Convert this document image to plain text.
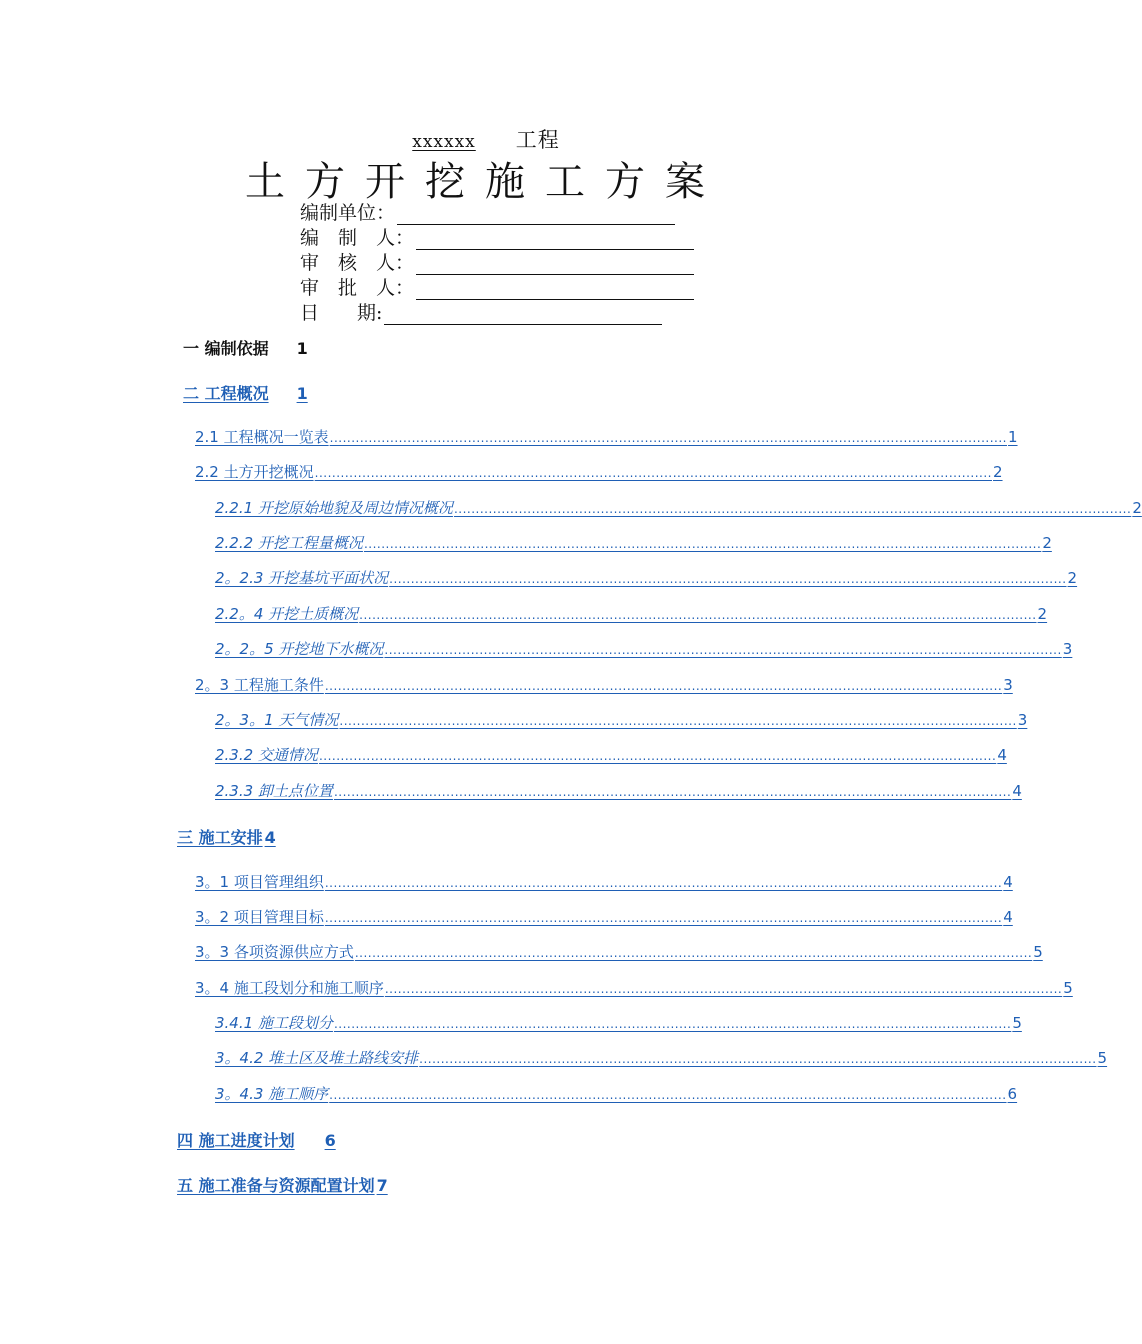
xxxxxx 工程
土方开挖施工方案
编制单位：
编　制　人：
审　核　人：
审　批　人：
日　　期:
一 编制依据 1
二 工程概况 1
2.1 工程概况一览表 ............................................................................................................................................................. 1
2.2 土方开挖概况 ............................................................................................................................................................. 2
2.2.1 开挖原始地貌及周边情况概况 ............................................................................................................................................................. 2
2.2.2 开挖工程量概况 ............................................................................................................................................................. 2
2。2.3 开挖基坑平面状况 ............................................................................................................................................................. 2
2.2。4 开挖土质概况 ............................................................................................................................................................. 2
2。2。5 开挖地下水概况 ............................................................................................................................................................. 3
2。3 工程施工条件 ............................................................................................................................................................. 3
2。3。1 天气情况 ............................................................................................................................................................. 3
2.3.2 交通情况 ............................................................................................................................................................. 4
2.3.3 卸土点位置 ............................................................................................................................................................. 4
三 施工安排 4
3。1 项目管理组织 ............................................................................................................................................................. 4
3。2 项目管理目标 ............................................................................................................................................................. 4
3。3 各项资源供应方式 ............................................................................................................................................................. 5
3。4 施工段划分和施工顺序 ............................................................................................................................................................. 5
3.4.1 施工段划分 ............................................................................................................................................................. 5
3。4.2 堆土区及堆土路线安排 ............................................................................................................................................................. 5
3。4.3 施工顺序 ............................................................................................................................................................. 6
四 施工进度计划 6
五 施工准备与资源配置计划 7
